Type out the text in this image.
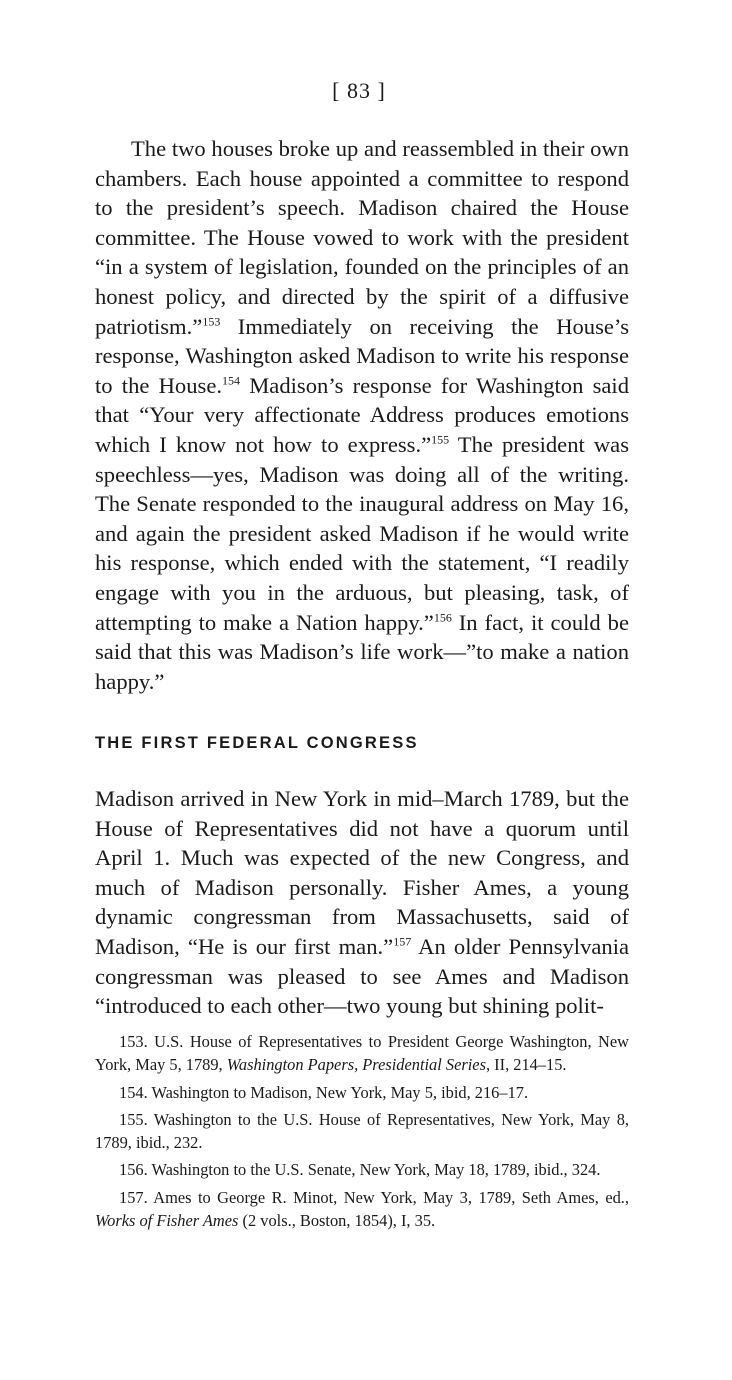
[ 83 ]

The two houses broke up and reassembled in their own chambers. Each house appointed a committee to respond to the president’s speech. Madison chaired the House committee. The House vowed to work with the president “in a system of legislation, founded on the principles of an honest policy, and directed by the spirit of a diffusive patriotism.”$^{153}$ Immediately on receiving the House’s response, Washington asked Madison to write his response to the House.$^{154}$ Madison’s response for Washington said that “Your very affectionate Address produces emotions which I know not how to express.”$^{155}$ The president was speechless—yes, Madison was doing all of the writing. The Senate responded to the inaugural address on May 16, and again the president asked Madison if he would write his response, which ended with the statement, “I readily engage with you in the arduous, but pleasing, task, of attempting to make a Nation happy.”$^{156}$ In fact, it could be said that this was Madison’s life work—”to make a nation happy.”

THE FIRST FEDERAL CONGRESS

Madison arrived in New York in mid–March 1789, but the House of Representatives did not have a quorum until April 1. Much was expected of the new Congress, and much of Madison personally. Fisher Ames, a young dynamic congressman from Massachusetts, said of Madison, “He is our first man.”$^{157}$ An older Pennsylvania congressman was pleased to see Ames and Madison “introduced to each other—two young but shining polit-

153. U.S. House of Representatives to President George Washington, New York, May 5, 1789, Washington Papers, Presidential Series, II, 214–15.

154. Washington to Madison, New York, May 5, ibid, 216–17.

155. Washington to the U.S. House of Representatives, New York, May 8, 1789, ibid., 232.

156. Washington to the U.S. Senate, New York, May 18, 1789, ibid., 324.

157. Ames to George R. Minot, New York, May 3, 1789, Seth Ames, ed., Works of Fisher Ames (2 vols., Boston, 1854), I, 35.
